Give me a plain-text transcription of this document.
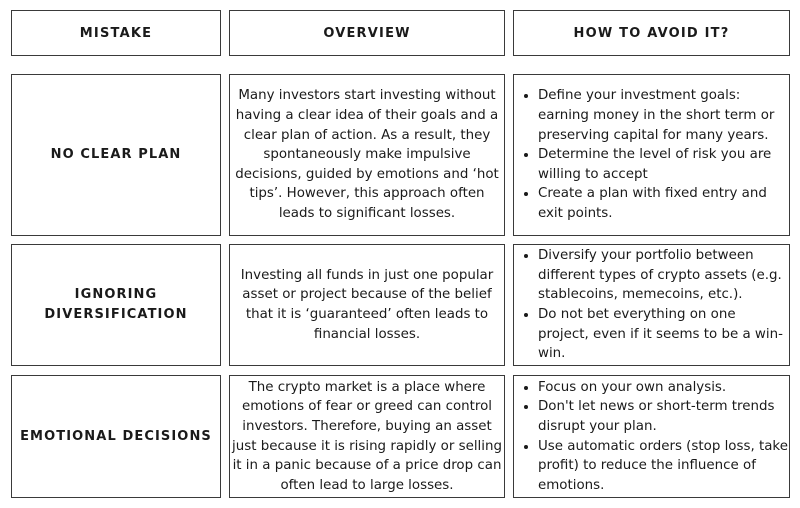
MISTAKE	OVERVIEW	HOW TO AVOID IT?
NO CLEAR PLAN
Many investors start investing without having a clear idea of their goals and a clear plan of action. As a result, they spontaneously make impulsive decisions, guided by emotions and ‘hot tips’. However, this approach often leads to significant losses.
• Define your investment goals: earning money in the short term or preserving capital for many years.
• Determine the level of risk you are willing to accept
• Create a plan with fixed entry and exit points.
IGNORING DIVERSIFICATION
Investing all funds in just one popular asset or project because of the belief that it is ‘guaranteed’ often leads to financial losses.
• Diversify your portfolio between different types of crypto assets (e.g. stablecoins, memecoins, etc.).
• Do not bet everything on one project, even if it seems to be a win-win.
EMOTIONAL DECISIONS
The crypto market is a place where emotions of fear or greed can control investors. Therefore, buying an asset just because it is rising rapidly or selling it in a panic because of a price drop can often lead to large losses.
• Focus on your own analysis.
• Don't let news or short-term trends disrupt your plan.
• Use automatic orders (stop loss, take profit) to reduce the influence of emotions.
